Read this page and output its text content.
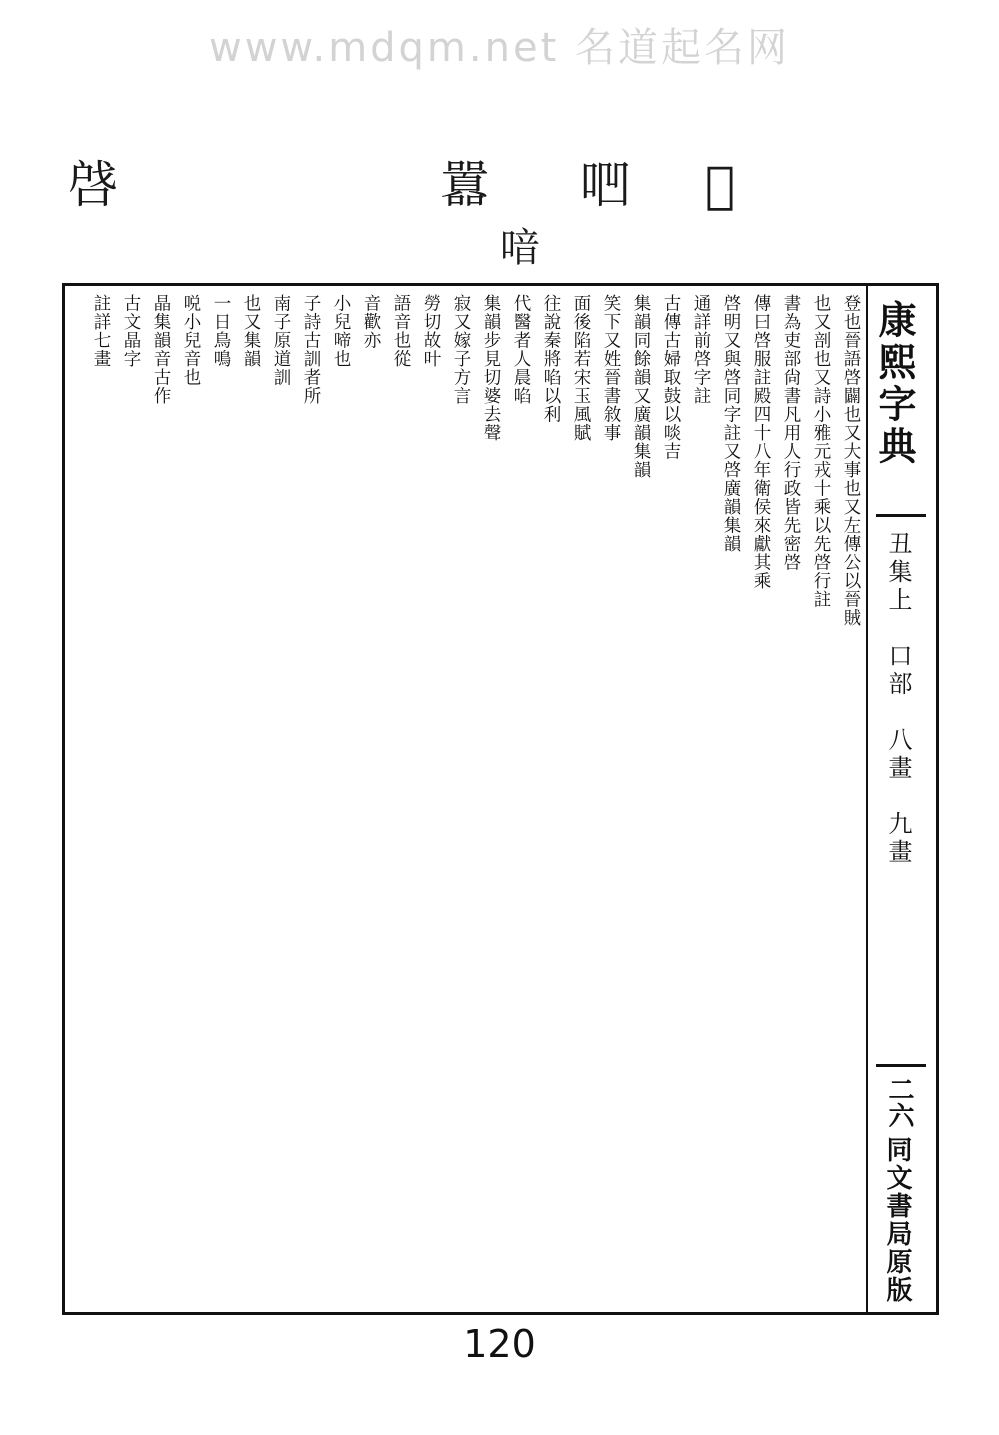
www.mdqm.net 名道起名网
𠻷
𠱃
囂
喑
啔
康熙字典
丑集上　口部　八畫　九畫
二六
同文書局原版
登也晉語啓闢也又大事也又左傳公以晉賊
也又剖也又詩小雅元戎十乘以先啓行註
書為吏部尙書凡用人行政皆先密啓
傳曰啓服註殿四十八年衛侯來獻其乘
啓明又與啓同字註又啓廣韻集韻
通詳前啓字註
古傳古婦取鼓以啖吉
集韻同餘韻又廣韻集韻
笑下又姓晉書敘事
面後陷若宋玉風賦
往說秦將啗以利
代醫者人晨啗
集韻步見切婆去聲
寂又嫁子方言
勞切故叶
語音也從
音歡亦
小兒啼也
子詩古訓者所
南子原道訓
也又集韻
一日鳥鳴
哾小兒音也
晶集韻音古作
古文晶字
註詳七畫
120
